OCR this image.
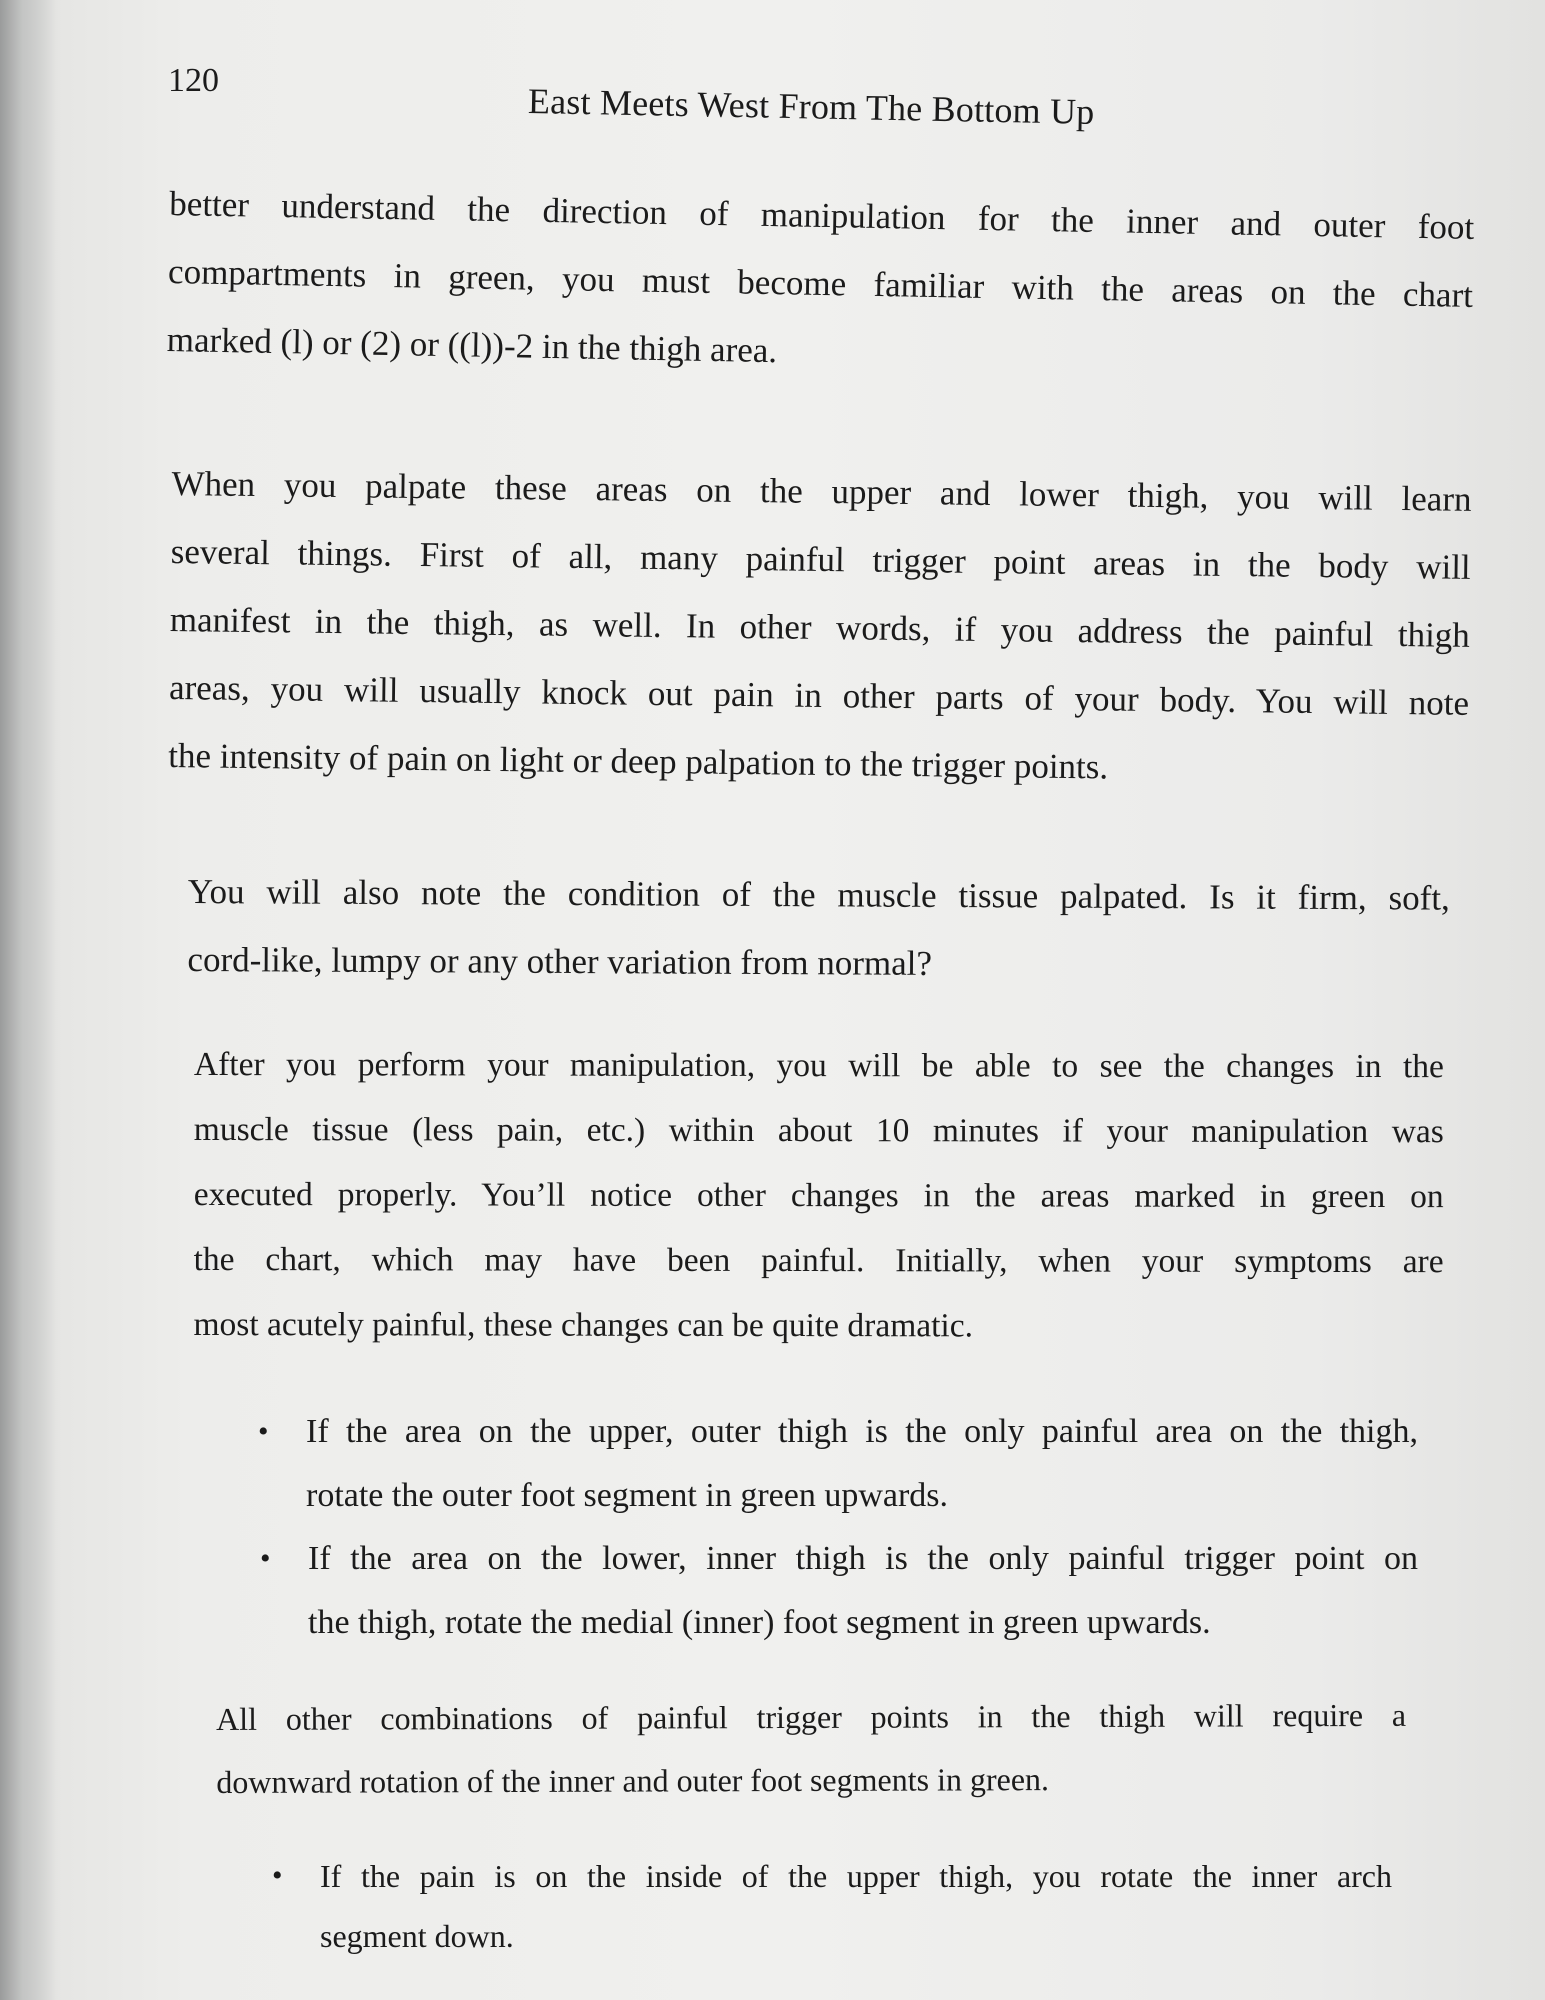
120
East Meets West From The Bottom Up
better understand the direction of manipulation for the inner and outer foot
compartments in green, you must become familiar with the areas on the chart
marked (l) or (2) or ((l))-2 in the thigh area.
When you palpate these areas on the upper and lower thigh, you will learn
several things. First of all, many painful trigger point areas in the body will
manifest in the thigh, as well. In other words, if you address the painful thigh
areas, you will usually knock out pain in other parts of your body. You will note
the intensity of pain on light or deep palpation to the trigger points.
You will also note the condition of the muscle tissue palpated. Is it firm, soft,
cord-like, lumpy or any other variation from normal?
After you perform your manipulation, you will be able to see the changes in the
muscle tissue (less pain, etc.) within about 10 minutes if your manipulation was
executed properly. You’ll notice other changes in the areas marked in green on
the chart, which may have been painful. Initially, when your symptoms are
most acutely painful, these changes can be quite dramatic.
• If the area on the upper, outer thigh is the only painful area on the thigh,
rotate the outer foot segment in green upwards.
• If the area on the lower, inner thigh is the only painful trigger point on
the thigh, rotate the medial (inner) foot segment in green upwards.
All other combinations of painful trigger points in the thigh will require a
downward rotation of the inner and outer foot segments in green.
• If the pain is on the inside of the upper thigh, you rotate the inner arch
segment down.
